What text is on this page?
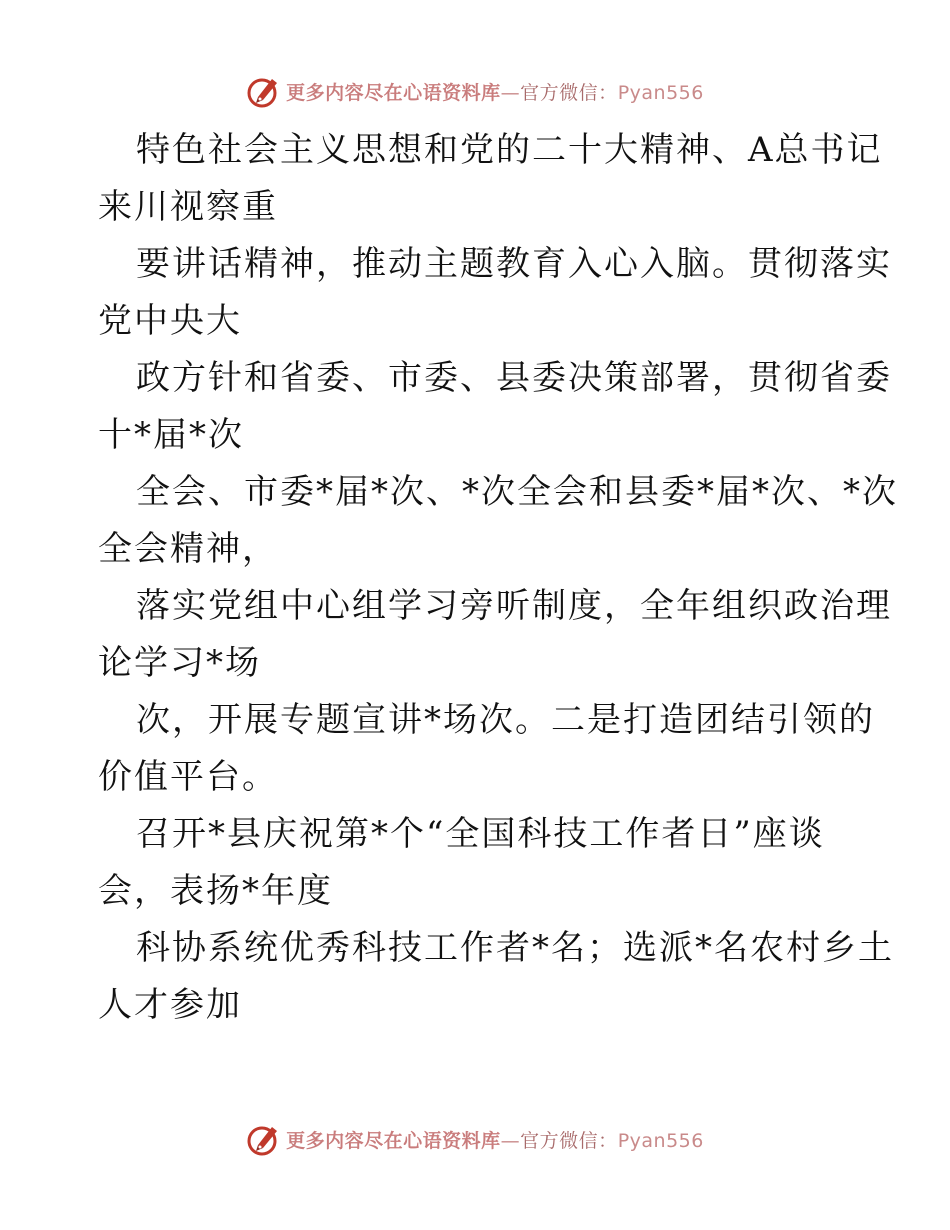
更多内容尽在心语资料库—官方微信：Pyan556

特色社会主义思想和党的二十大精神、A总书记
来川视察重

要讲话精神，推动主题教育入心入脑。贯彻落实
党中央大

政方针和省委、市委、县委决策部署，贯彻省委
十*届*次

全会、市委*届*次、*次全会和县委*届*次、*次
全会精神，

落实党组中心组学习旁听制度，全年组织政治理
论学习*场

次，开展专题宣讲*场次。二是打造团结引领的
价值平台。

召开*县庆祝第*个“全国科技工作者日”座谈
会，表扬*年度

科协系统优秀科技工作者*名；选派*名农村乡土
人才参加

更多内容尽在心语资料库—官方微信：Pyan556
